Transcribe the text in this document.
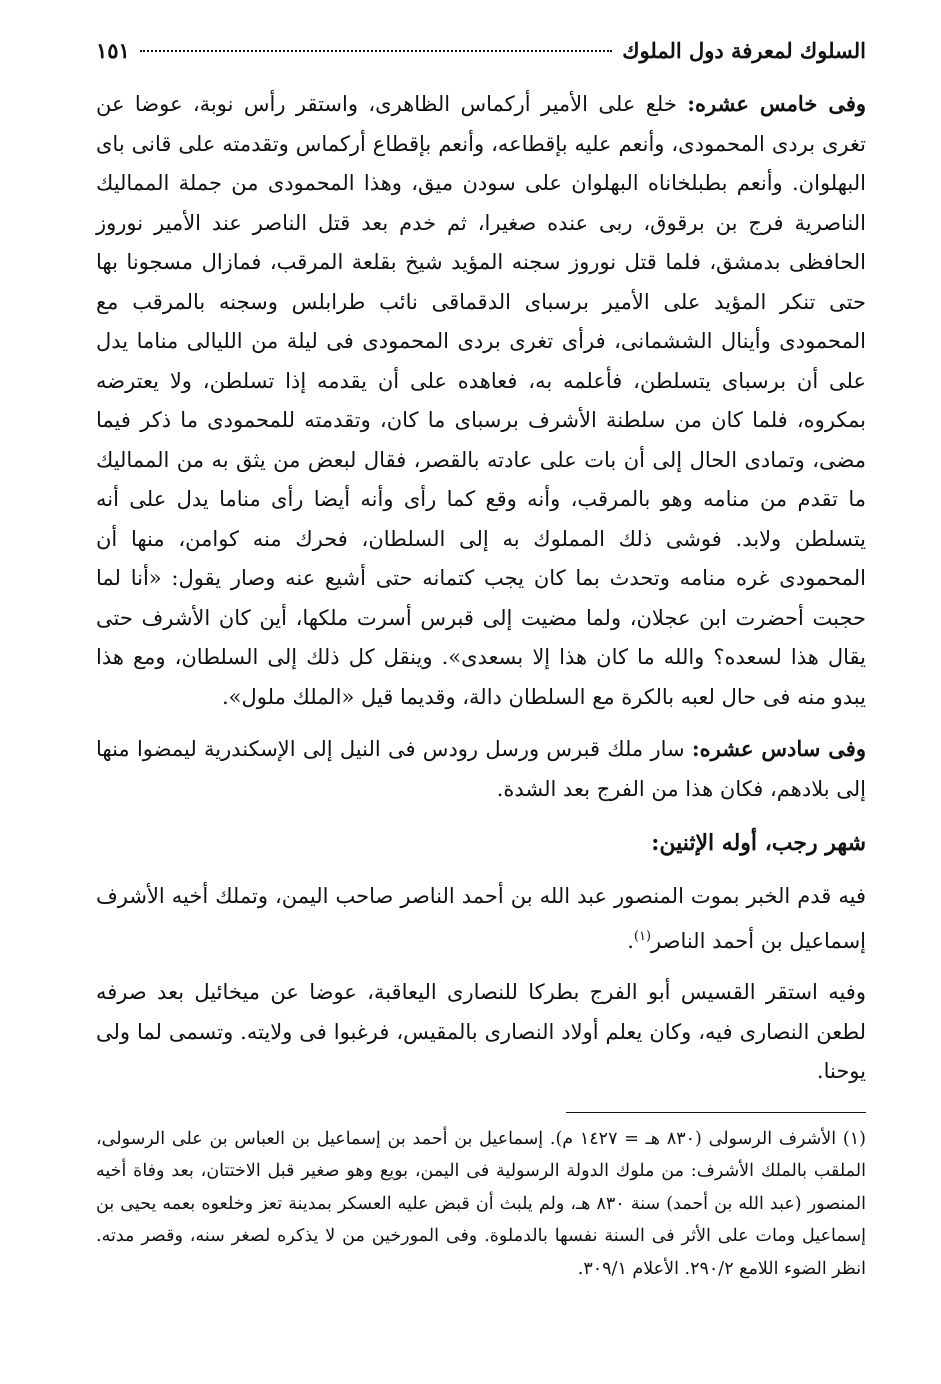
السلوك لمعرفة دول الملوك
١٥١

وفى خامس عشره: خلع على الأمير أركماس الظاهرى، واستقر رأس نوبة، عوضا عن تغرى بردى المحمودى، وأنعم عليه بإقطاعه، وأنعم بإقطاع أركماس وتقدمته على قانى باى البهلوان. وأنعم بطبلخاناه البهلوان على سودن ميق، وهذا المحمودى من جملة المماليك الناصرية فرج بن برقوق، ربى عنده صغيرا، ثم خدم بعد قتل الناصر عند الأمير نوروز الحافظى بدمشق، فلما قتل نوروز سجنه المؤيد شيخ بقلعة المرقب، فمازال مسجونا بها حتى تنكر المؤيد على الأمير برسباى الدقماقى نائب طرابلس وسجنه بالمرقب مع المحمودى وأينال الششمانى، فرأى تغرى بردى المحمودى فى ليلة من الليالى مناما يدل على أن برسباى يتسلطن، فأعلمه به، فعاهده على أن يقدمه إذا تسلطن، ولا يعترضه بمكروه، فلما كان من سلطنة الأشرف برسباى ما كان، وتقدمته للمحمودى ما ذكر فيما مضى، وتمادى الحال إلى أن بات على عادته بالقصر، فقال لبعض من يثق به من المماليك ما تقدم من منامه وهو بالمرقب، وأنه وقع كما رأى وأنه أيضا رأى مناما يدل على أنه يتسلطن ولابد. فوشى ذلك المملوك به إلى السلطان، فحرك منه كوامن، منها أن المحمودى غره منامه وتحدث بما كان يجب كتمانه حتى أشيع عنه وصار يقول: «أنا لما حجبت أحضرت ابن عجلان، ولما مضيت إلى قبرس أسرت ملكها، أين كان الأشرف حتى يقال هذا لسعده؟ والله ما كان هذا إلا بسعدى». وينقل كل ذلك إلى السلطان، ومع هذا يبدو منه فى حال لعبه بالكرة مع السلطان دالة، وقديما قيل «الملك ملول».

وفى سادس عشره: سار ملك قبرس ورسل رودس فى النيل إلى الإسكندرية ليمضوا منها إلى بلادهم، فكان هذا من الفرج بعد الشدة.

شهر رجب، أوله الإثنين:

فيه قدم الخبر بموت المنصور عبد الله بن أحمد الناصر صاحب اليمن، وتملك أخيه الأشرف إسماعيل بن أحمد الناصر$^{(١)}$.

وفيه استقر القسيس أبو الفرج بطركا للنصارى اليعاقبة، عوضا عن ميخائيل بعد صرفه لطعن النصارى فيه، وكان يعلم أولاد النصارى بالمقيس، فرغبوا فى ولايته. وتسمى لما ولى يوحنا.

(١) الأشرف الرسولى (٨٣٠ هـ = ١٤٢٧ م). إسماعيل بن أحمد بن إسماعيل بن العباس بن على الرسولى، الملقب بالملك الأشرف: من ملوك الدولة الرسولية فى اليمن، بويع وهو صغير قبل الاختتان، بعد وفاة أخيه المنصور (عبد الله بن أحمد) سنة ٨٣٠ هـ، ولم يلبث أن قبض عليه العسكر بمدينة تعز وخلعوه بعمه يحيى بن إسماعيل ومات على الأثر فى السنة نفسها بالدملوة. وفى المورخين من لا يذكره لصغر سنه، وقصر مدته. انظر الضوء اللامع ٢٩٠/٢. الأعلام ٣٠٩/١.
